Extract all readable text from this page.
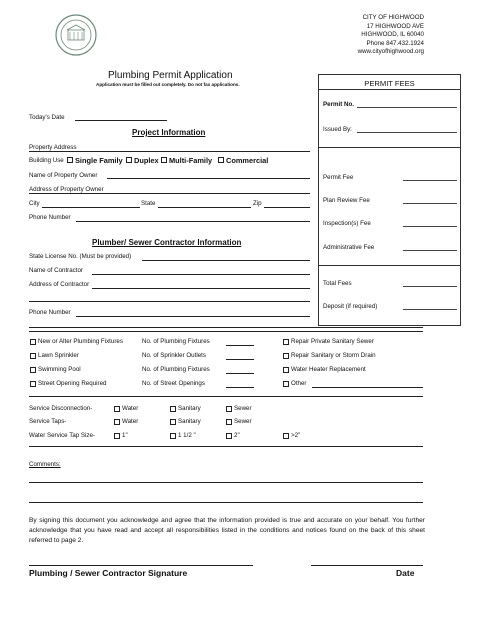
CITY OF HIGHWOOD
17 HIGHWOOD AVE
HIGHWOOD, IL 60040
Phone 847.432.1924
www.cityofhighwood.org
Plumbing Permit Application
Application must be filled out completely. Do not fax applications.
Today's Date
Project Information
Property Address
Building Use Single Family Duplex Multi-Family Commercial
Name of Property Owner
Address of Property Owner
City	State	Zip
Phone Number
Plumber/ Sewer Contractor Information
State License No. (Must be provided)
Name of Contractor
Address of Contractor
Phone Number
PERMIT FEES
Permit No.
Issued By:
Permit Fee
Plan Review Fee
Inspection(s) Fee
Administrative Fee
Total Fees
Deposit (if required)
New or Alter Plumbing Fixtures	No. of Plumbing Fixtures	Repair Private Sanitary Sewer
Lawn Sprinkler	No. of Sprinkler Outlets	Repair Sanitary or Storm Drain
Swimming Pool	No. of Plumbing Fixtures	Water Heater Replacement
Street Opening Required	No. of Street Openings	Other
Service Disconnection-	Water	Sanitary	Sewer
Service Taps-	Water	Sanitary	Sewer
Water Service Tap Size-	1"	1 1/2 "	2"	>2"
Comments:
By signing this document you acknowledge and agree that the information provided is true and accurate on your behalf. You further acknowledge that you have read and accept all responsibilities listed in the conditions and notices found on the back of this sheet referred to page 2.
Plumbing / Sewer Contractor Signature	Date
